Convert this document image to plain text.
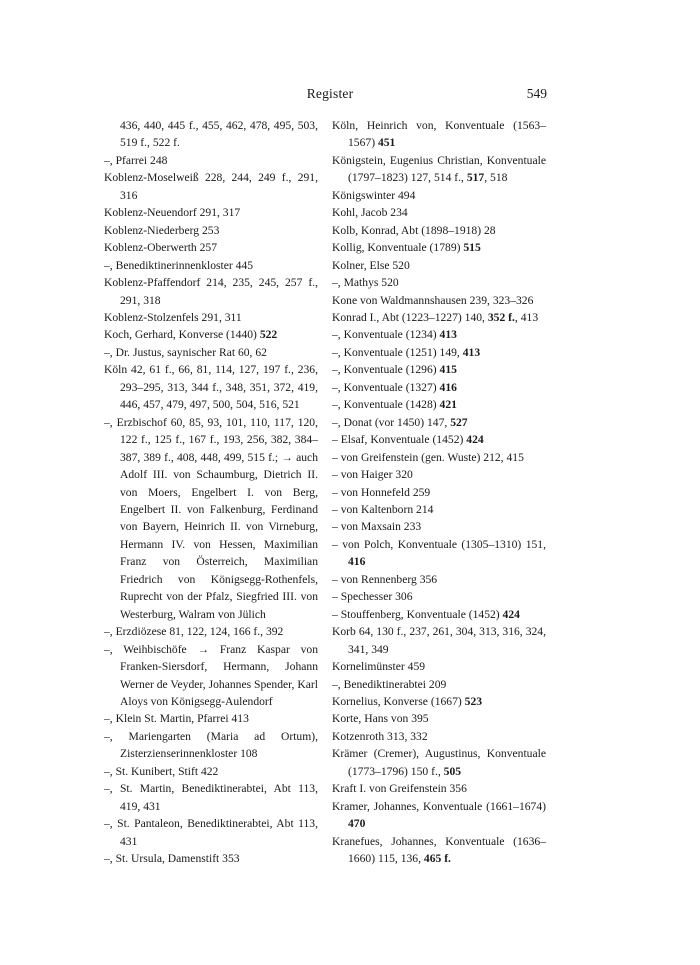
Register	549
436, 440, 445 f., 455, 462, 478, 495, 503, 519 f., 522 f.
–, Pfarrei 248
Koblenz-Moselweiß 228, 244, 249 f., 291, 316
Koblenz-Neuendorf 291, 317
Koblenz-Niederberg 253
Koblenz-Oberwerth 257
–, Benediktinerinnenkloster 445
Koblenz-Pfaffendorf 214, 235, 245, 257 f., 291, 318
Koblenz-Stolzenfels 291, 311
Koch, Gerhard, Konverse (1440) 522
–, Dr. Justus, saynischer Rat 60, 62
Köln 42, 61 f., 66, 81, 114, 127, 197 f., 236, 293–295, 313, 344 f., 348, 351, 372, 419, 446, 457, 479, 497, 500, 504, 516, 521
–, Erzbischof 60, 85, 93, 101, 110, 117, 120, 122 f., 125 f., 167 f., 193, 256, 382, 384–387, 389 f., 408, 448, 499, 515 f.; → auch Adolf III. von Schaumburg, Dietrich II. von Moers, Engelbert I. von Berg, Engelbert II. von Falkenburg, Ferdinand von Bayern, Heinrich II. von Virneburg, Hermann IV. von Hessen, Maximilian Franz von Österreich, Maximilian Friedrich von Königsegg-Rothenfels, Ruprecht von der Pfalz, Siegfried III. von Westerburg, Walram von Jülich
–, Erzdiözese 81, 122, 124, 166 f., 392
–, Weihbischöfe → Franz Kaspar von Franken-Siersdorf, Hermann, Johann Werner de Veyder, Johannes Spender, Karl Aloys von Königsegg-Aulendorf
–, Klein St. Martin, Pfarrei 413
–, Mariengarten (Maria ad Ortum), Zisterzienserinnenkloster 108
–, St. Kunibert, Stift 422
–, St. Martin, Benediktinerabtei, Abt 113, 419, 431
–, St. Pantaleon, Benediktinerabtei, Abt 113, 431
–, St. Ursula, Damenstift 353
Köln, Heinrich von, Konventuale (1563–1567) 451
Königstein, Eugenius Christian, Konventuale (1797–1823) 127, 514 f., 517, 518
Königswinter 494
Kohl, Jacob 234
Kolb, Konrad, Abt (1898–1918) 28
Kollig, Konventuale (1789) 515
Kolner, Else 520
–, Mathys 520
Kone von Waldmannshausen 239, 323–326
Konrad I., Abt (1223–1227) 140, 352 f., 413
–, Konventuale (1234) 413
–, Konventuale (1251) 149, 413
–, Konventuale (1296) 415
–, Konventuale (1327) 416
–, Konventuale (1428) 421
–, Donat (vor 1450) 147, 527
– Elsaf, Konventuale (1452) 424
– von Greifenstein (gen. Wuste) 212, 415
– von Haiger 320
– von Honnefeld 259
– von Kaltenborn 214
– von Maxsain 233
– von Polch, Konventuale (1305–1310) 151, 416
– von Rennenberg 356
– Spechesser 306
– Stouffenberg, Konventuale (1452) 424
Korb 64, 130 f., 237, 261, 304, 313, 316, 324, 341, 349
Kornelimünster 459
–, Benediktinerabtei 209
Kornelius, Konverse (1667) 523
Korte, Hans von 395
Kotzenroth 313, 332
Krämer (Cremer), Augustinus, Konventuale (1773–1796) 150 f., 505
Kraft I. von Greifenstein 356
Kramer, Johannes, Konventuale (1661–1674) 470
Kranefues, Johannes, Konventuale (1636–1660) 115, 136, 465 f.
